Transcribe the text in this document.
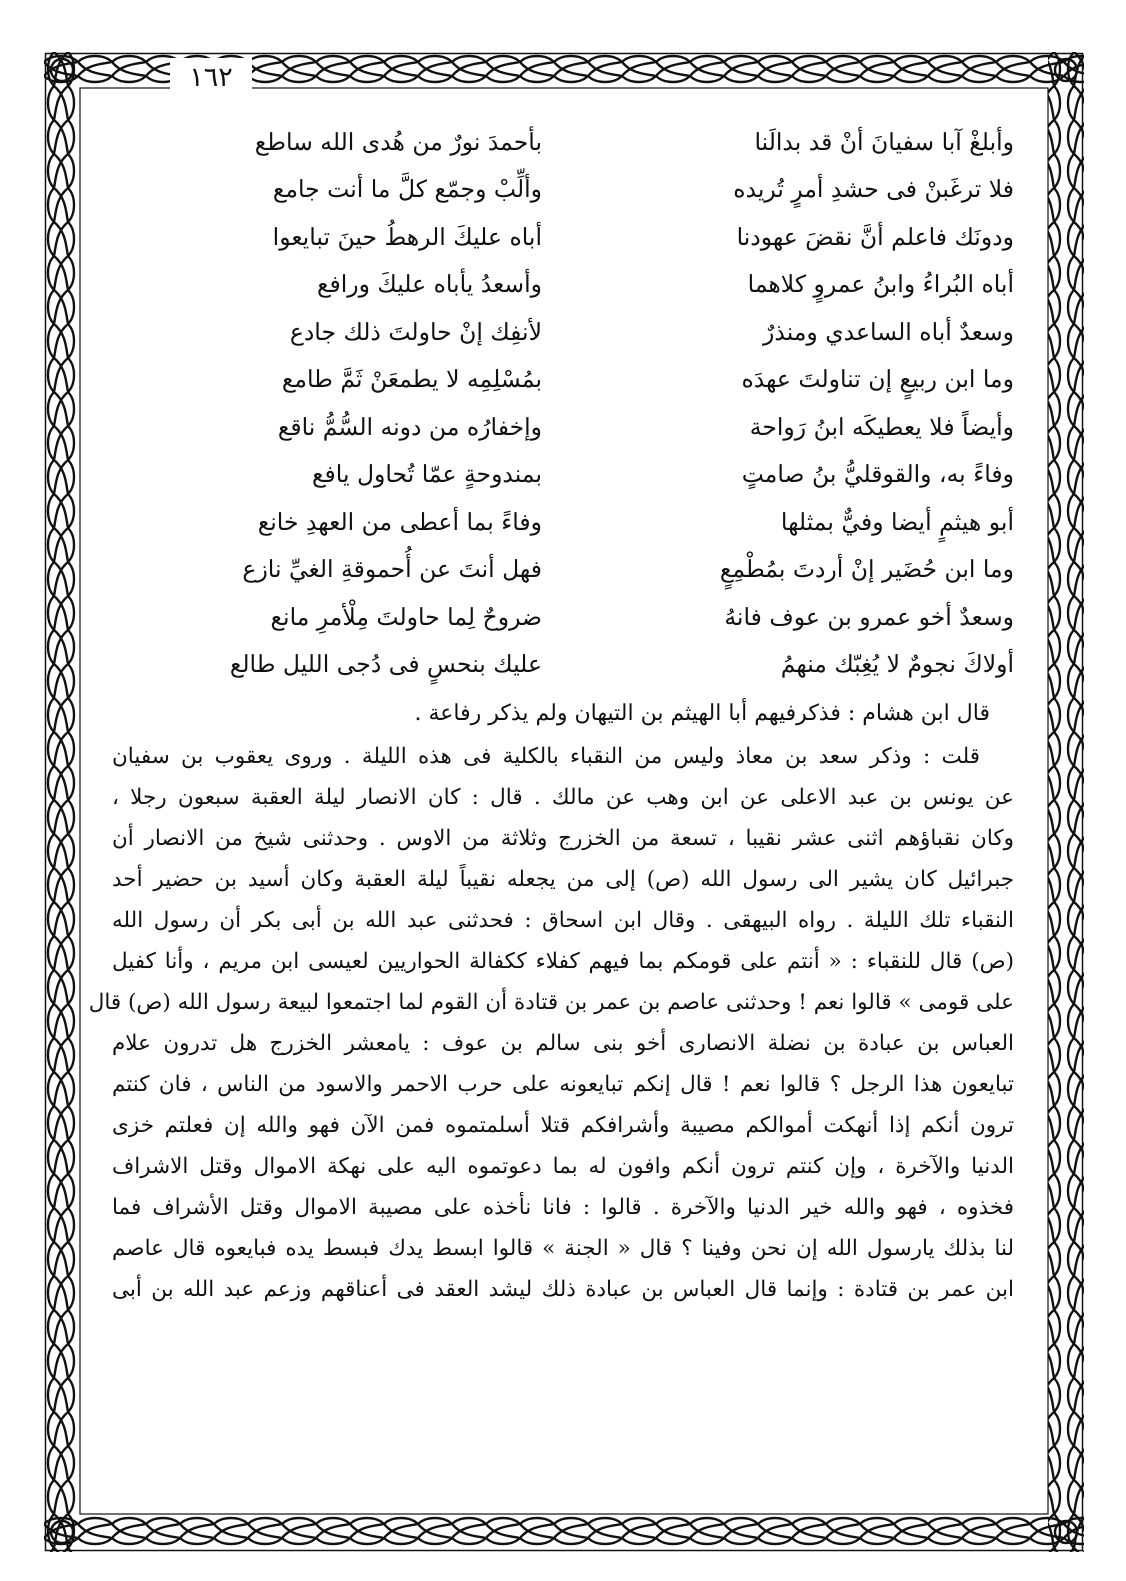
١٦٢
وأبلغْ آبا سفيانَ أنْ قد بدالَنا
بأحمدَ نورٌ من هُدى الله ساطع
فلا ترغَبنْ فى حشدِ أمرٍ تُريده
وألِّبْ وجمّع كلَّ ما أنت جامع
ودونَك فاعلم أنَّ نقضَ عهودنا
أباه عليكَ الرهطُ حينَ تبايعوا
أباه البُراءُ وابنُ عمروٍ كلاهما
وأسعدُ يأباه عليكَ ورافع
وسعدٌ أباه الساعدي ومنذرٌ
لأنفِك إنْ حاولتَ ذلك جادع
وما ابن ربيعٍ إن تناولتَ عهدَه
بمُسْلِمِه لا يطمعَنْ ثَمَّ طامع
وأيضاً فلا يعطيكَه ابنُ رَواحة
وإخفارُه من دونه السُّمُّ ناقع
وفاءً به، والقوقليُّ بنُ صامتٍ
بمندوحةٍ عمّا تُحاول يافع
أبو هيثمٍ أيضا وفيٌّ بمثلها
وفاءً بما أعطى من العهدِ خانع
وما ابن حُضَير إنْ أردتَ بمُطْمِعٍ
فهل أنتَ عن أُحموقةِ الغيِّ نازع
وسعدٌ أخو عمرو بن عوف فانهُ
ضروحٌ لِما حاولتَ مِلْأمرِ مانع
أولاكَ نجومٌ لا يُغِبّك منهمُ
عليك بنحسٍ فى دُجى الليل طالع
قال ابن هشام : فذكرفيهم أبا الهيثم بن التيهان ولم يذكر رفاعة .
قلت : وذكر سعد بن معاذ وليس من النقباء بالكلية فى هذه الليلة . وروى يعقوب بن سفيان
عن يونس بن عبد الاعلى عن ابن وهب عن مالك . قال : كان الانصار ليلة العقبة سبعون رجلا ،
وكان نقباؤهم اثنى عشر نقيبا ، تسعة من الخزرج وثلاثة من الاوس . وحدثنى شيخ من الانصار أن
جبرائيل كان يشير الى رسول الله (ص) إلى من يجعله نقيباً ليلة العقبة وكان أسيد بن حضير أحد
النقباء تلك الليلة . رواه البيهقى . وقال ابن اسحاق : فحدثنى عبد الله بن أبى بكر أن رسول الله
(ص) قال للنقباء : « أنتم على قومكم بما فيهم كفلاء ككفالة الحواريين لعيسى ابن مريم ، وأنا كفيل
على قومى » قالوا نعم ! وحدثنى عاصم بن عمر بن قتادة أن القوم لما اجتمعوا لبيعة رسول الله (ص) قال
العباس بن عبادة بن نضلة الانصارى أخو بنى سالم بن عوف : يامعشر الخزرج هل تدرون علام
تبايعون هذا الرجل ؟ قالوا نعم ! قال إنكم تبايعونه على حرب الاحمر والاسود من الناس ، فان كنتم
ترون أنكم إذا أنهكت أموالكم مصيبة وأشرافكم قتلا أسلمتموه فمن الآن فهو والله إن فعلتم خزى
الدنيا والآخرة ، وإن كنتم ترون أنكم وافون له بما دعوتموه اليه على نهكة الاموال وقتل الاشراف
فخذوه ، فهو والله خير الدنيا والآخرة . قالوا : فانا نأخذه على مصيبة الاموال وقتل الأشراف فما
لنا بذلك يارسول الله إن نحن وفينا ؟ قال « الجنة » قالوا ابسط يدك فبسط يده فبايعوه قال عاصم
ابن عمر بن قتادة : وإنما قال العباس بن عبادة ذلك ليشد العقد فى أعناقهم وزعم عبد الله بن أبى
